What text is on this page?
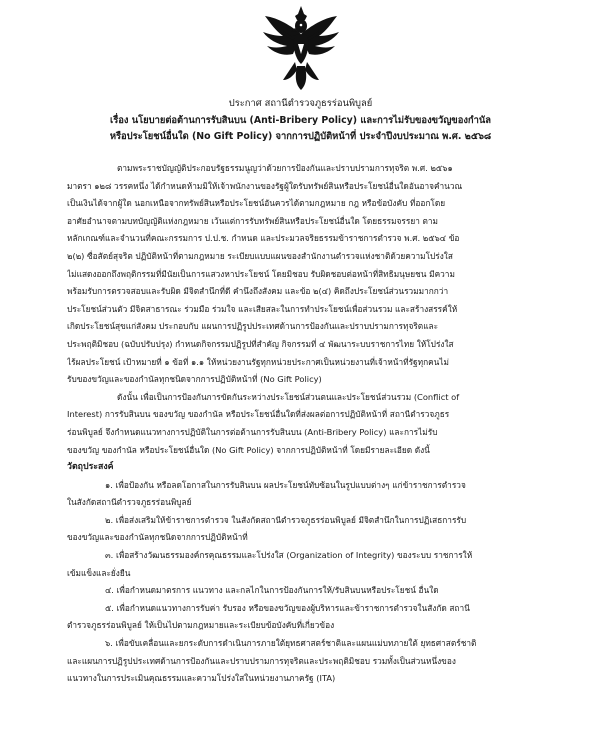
ประกาศ สถานีตำรวจภูธรร่อนพิบูลย์
เรื่อง นโยบายต่อต้านการรับสินบน (Anti-Bribery Policy) และการไม่รับของขวัญของกำนัล
หรือประโยชน์อื่นใด (No Gift Policy) จากการปฏิบัติหน้าที่ ประจำปีงบประมาณ พ.ศ. ๒๕๖๘
ตามพระราชบัญญัติประกอบรัฐธรรมนูญว่าด้วยการป้องกันและปราบปรามการทุจริต พ.ศ. ๒๕๖๑
มาตรา ๑๒๘ วรรคหนึ่ง ได้กำหนดห้ามมิให้เจ้าพนักงานของรัฐผู้ใดรับทรัพย์สินหรือประโยชน์อื่นใดอันอาจคำนวณ
เป็นเงินได้จากผู้ใด นอกเหนือจากทรัพย์สินหรือประโยชน์อันควรได้ตามกฎหมาย กฎ หรือข้อบังคับ ที่ออกโดย
อาศัยอำนาจตามบทบัญญัติแห่งกฎหมาย เว้นแต่การรับทรัพย์สินหรือประโยชน์อื่นใด โดยธรรมจรรยา ตาม
หลักเกณฑ์และจำนวนที่คณะกรรมการ ป.ป.ช. กำหนด และประมวลจริยธรรมข้าราชการตำรวจ พ.ศ. ๒๕๖๔ ข้อ
๒(๒) ซื่อสัตย์สุจริต ปฏิบัติหน้าที่ตามกฎหมาย ระเบียบแบบแผนของสำนักงานตำรวจแห่งชาติด้วยความโปร่งใส
ไม่แสดงออกถึงพฤติกรรมที่มีนัยเป็นการแสวงหาประโยชน์ โดยมิชอบ รับผิดชอบต่อหน้าที่สิทธิมนุษยชน มีความ
พร้อมรับการตรวจสอบและรับผิด มีจิตสำนึกที่ดี คำนึงถึงสังคม และข้อ ๒(๔) คิดถึงประโยชน์ส่วนรวมมากกว่า
ประโยชน์ส่วนตัว มีจิตสาธารณะ ร่วมมือ ร่วมใจ และเสียสละในการทำประโยชน์เพื่อส่วนรวม และสร้างสรรค์ให้
เกิดประโยชน์สุขแก่สังคม ประกอบกับ แผนการปฏิรูปประเทศด้านการป้องกันและปราบปรามการทุจริตและ
ประพฤติมิชอบ (ฉบับปรับปรุง) กำหนดกิจกรรมปฏิรูปที่สำคัญ กิจกรรมที่ ๔ พัฒนาระบบราชการไทย ให้โปร่งใส
ไร้ผลประโยชน์ เป้าหมายที่ ๑ ข้อที่ ๑.๑ ให้หน่วยงานรัฐทุกหน่วยประกาศเป็นหน่วยงานที่เจ้าหน้าที่รัฐทุกคนไม่
รับของขวัญและของกำนัลทุกชนิดจากการปฏิบัติหน้าที่ (No Gift Policy)
ดังนั้น เพื่อเป็นการป้องกันการขัดกันระหว่างประโยชน์ส่วนตนและประโยชน์ส่วนรวม (Conflict of
Interest) การรับสินบน ของขวัญ ของกำนัล หรือประโยชน์อื่นใดที่ส่งผลต่อการปฏิบัติหน้าที่ สถานีตำรวจภูธร
ร่อนพิบูลย์ จึงกำหนดแนวทางการปฏิบัติในการต่อต้านการรับสินบน (Anti-Bribery Policy) และการไม่รับ
ของขวัญ ของกำนัล หรือประโยชน์อื่นใด (No Gift Policy) จากการปฏิบัติหน้าที่ โดยมีรายละเอียด ดังนี้
วัตถุประสงค์
๑. เพื่อป้องกัน หรือลดโอกาสในการรับสินบน ผลประโยชน์ทับซ้อนในรูปแบบต่างๆ แก่ข้าราชการตำรวจ
ในสังกัดสถานีตำรวจภูธรร่อนพิบูลย์
๒. เพื่อส่งเสริมให้ข้าราชการตำรวจ ในสังกัดสถานีตำรวจภูธรร่อนพิบูลย์ มีจิตสำนึกในการปฏิเสธการรับ
ของขวัญและของกำนัลทุกชนิดจากการปฏิบัติหน้าที่
๓. เพื่อสร้างวัฒนธรรมองค์กรคุณธรรมและโปร่งใส (Organization of Integrity) ของระบบ ราชการให้
เข้มแข็งและยั่งยืน
๔. เพื่อกำหนดมาตรการ แนวทาง และกลไกในการป้องกันการให้/รับสินบนหรือประโยชน์ อื่นใด
๕. เพื่อกำหนดแนวทางการรับค่า รับรอง หรือของขวัญของผู้บริหารและข้าราชการตำรวจในสังกัด สถานี
ตำรวจภูธรร่อนพิบูลย์ ให้เป็นไปตามกฎหมายและระเบียบข้อบังคับที่เกี่ยวข้อง
๖. เพื่อขับเคลื่อนและยกระดับการดำเนินการภายใต้ยุทธศาสตร์ชาติและแผนแม่บทภายใต้ ยุทธศาสตร์ชาติ
และแผนการปฏิรูปประเทศด้านการป้องกันและปราบปรามการทุจริตและประพฤติมิชอบ รวมทั้งเป็นส่วนหนึ่งของ
แนวทางในการประเมินคุณธรรมและความโปร่งใสในหน่วยงานภาครัฐ (ITA)
